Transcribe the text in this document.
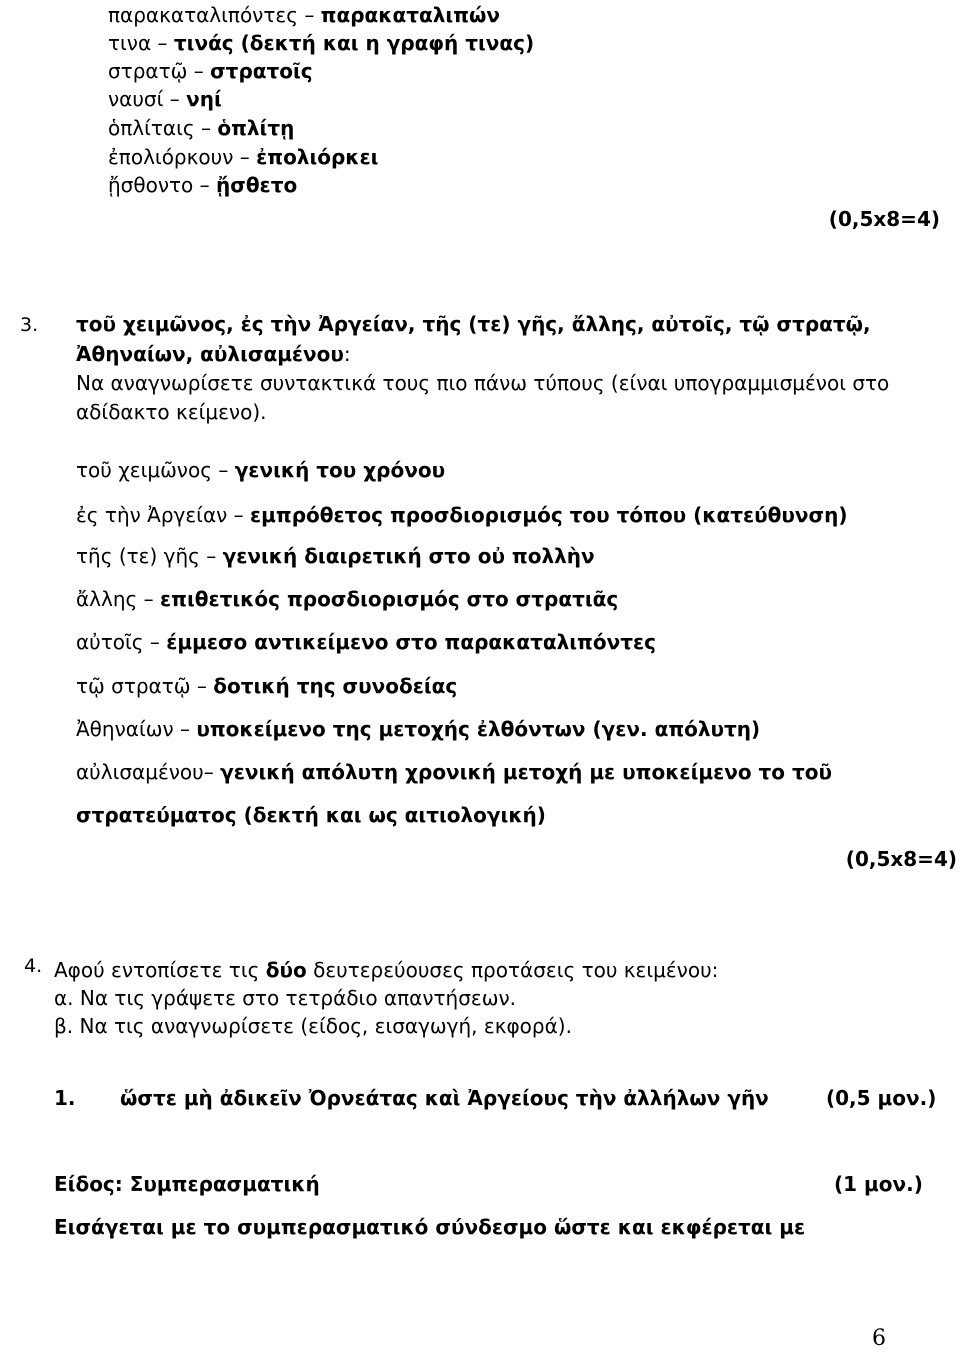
παρακαταλιπόντες – παρακαταλιπών
τινα – τινάς (δεκτή και η γραφή τινας)
στρατῷ – στρατοῖς
ναυσί – νηί
ὁπλίταις – ὁπλίτῃ
ἐπολιόρκουν – ἐπολιόρκει
ᾔσθοντο – ᾔσθετο
(0,5x8=4)
3. τοῦ χειμῶνος, ἐς τὴν Ἀργείαν, τῆς (τε) γῆς, ἄλλης, αὐτοῖς, τῷ στρατῷ,
Ἀθηναίων, αὐλισαμένου:
Να αναγνωρίσετε συντακτικά τους πιο πάνω τύπους (είναι υπογραμμισμένοι στο
αδίδακτο κείμενο).
τοῦ χειμῶνος – γενική του χρόνου
ἐς τὴν Ἀργείαν – εμπρόθετος προσδιορισμός του τόπου (κατεύθυνση)
τῆς (τε) γῆς – γενική διαιρετική στο οὐ πολλὴν
ἄλλης – επιθετικός προσδιορισμός στο στρατιᾶς
αὐτοῖς – έμμεσο αντικείμενο στο παρακαταλιπόντες
τῷ στρατῷ – δοτική της συνοδείας
Ἀθηναίων – υποκείμενο της μετοχής ἐλθόντων (γεν. απόλυτη)
αὐλισαμένου– γενική απόλυτη χρονική μετοχή με υποκείμενο το τοῦ
στρατεύματος (δεκτή και ως αιτιολογική)
(0,5x8=4)
4. Αφού εντοπίσετε τις δύο δευτερεύουσες προτάσεις του κειμένου:
α. Να τις γράψετε στο τετράδιο απαντήσεων.
β. Να τις αναγνωρίσετε (είδος, εισαγωγή, εκφορά).
1. ὥστε μὴ ἀδικεῖν Ὀρνεάτας καὶ Ἀργείους τὴν ἀλλήλων γῆν	(0,5 μον.)
Είδος: Συμπερασματική	(1 μον.)
Εισάγεται με το συμπερασματικό σύνδεσμο ὥστε και εκφέρεται με
6
